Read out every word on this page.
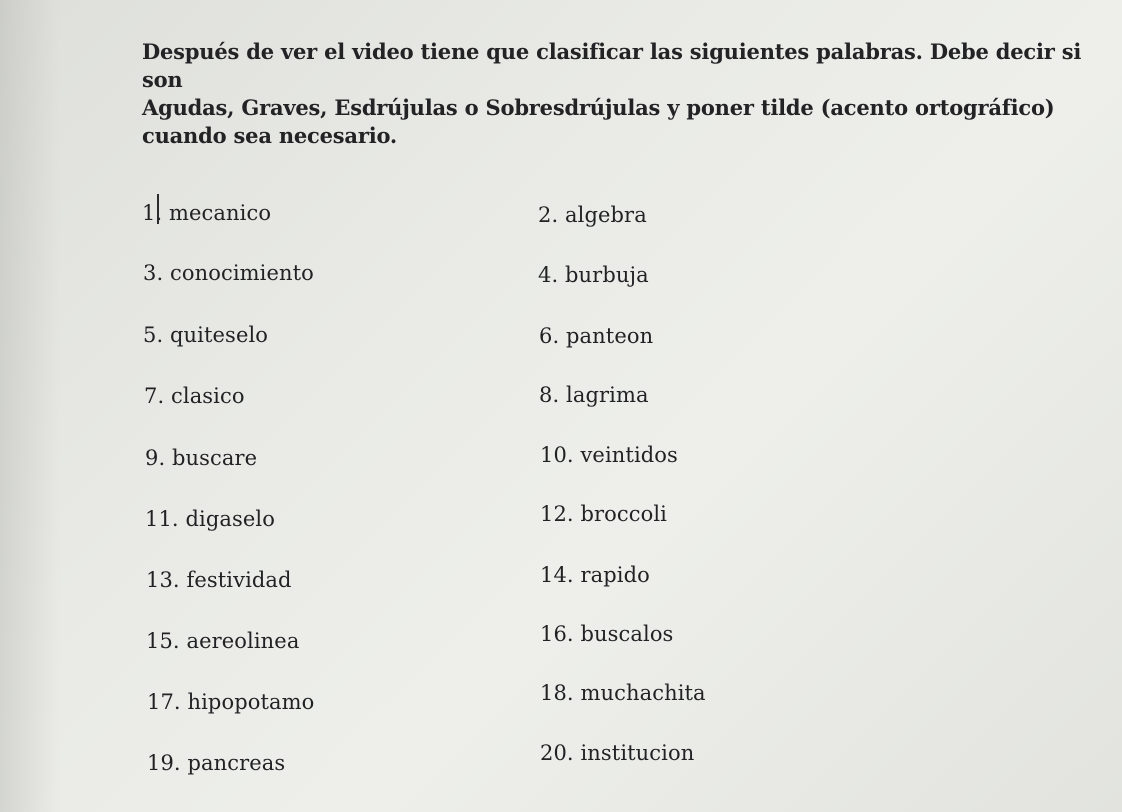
Después de ver el video tiene que clasificar las siguientes palabras. Debe decir si son
Agudas, Graves, Esdrújulas o Sobresdrújulas y poner tilde (acento ortográfico)
cuando sea necesario.
1. mecanico	2. algebra
3. conocimiento	4. burbuja
5. quiteselo	6. panteon
7. clasico	8. lagrima
9. buscare	10. veintidos
11. digaselo	12. broccoli
13. festividad	14. rapido
15. aereolinea	16. buscalos
17. hipopotamo	18. muchachita
19. pancreas	20. institucion
